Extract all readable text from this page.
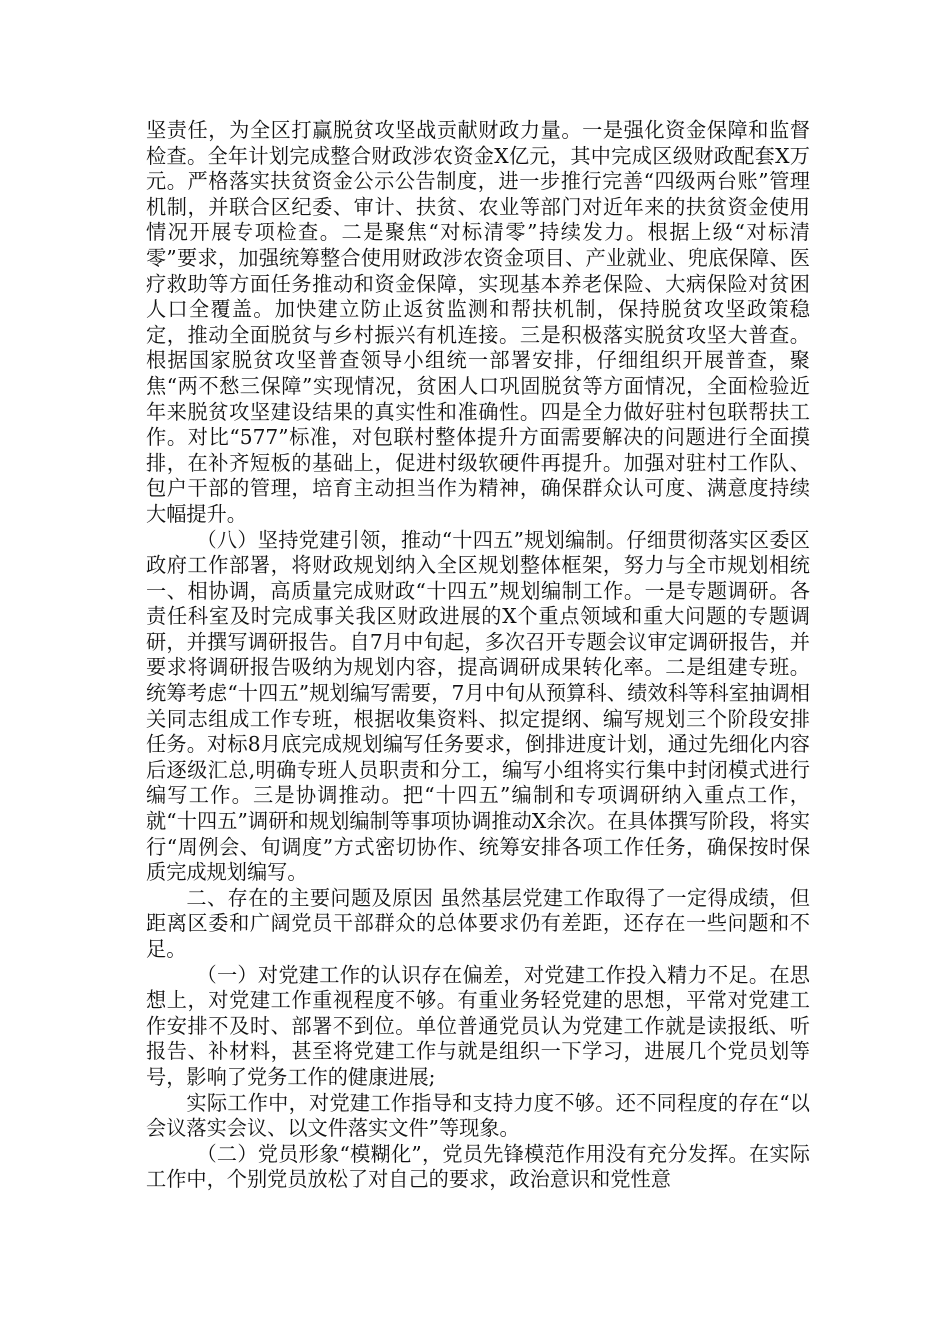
坚责任，为全区打赢脱贫攻坚战贡献财政力量。一是强化资金保障和监督检查。全年计划完成整合财政涉农资金X亿元，其中完成区级财政配套X万元。严格落实扶贫资金公示公告制度，进一步推行完善“四级两台账”管理机制，并联合区纪委、审计、扶贫、农业等部门对近年来的扶贫资金使用情况开展专项检查。二是聚焦“对标清零”持续发力。根据上级“对标清零”要求，加强统筹整合使用财政涉农资金项目、产业就业、兜底保障、医疗救助等方面任务推动和资金保障，实现基本养老保险、大病保险对贫困人口全覆盖。加快建立防止返贫监测和帮扶机制，保持脱贫攻坚政策稳定，推动全面脱贫与乡村振兴有机连接。三是积极落实脱贫攻坚大普查。根据国家脱贫攻坚普查领导小组统一部署安排，仔细组织开展普查，聚焦“两不愁三保障”实现情况，贫困人口巩固脱贫等方面情况，全面检验近年来脱贫攻坚建设结果的真实性和准确性。四是全力做好驻村包联帮扶工作。对比“577”标准，对包联村整体提升方面需要解决的问题进行全面摸排，在补齐短板的基础上，促进村级软硬件再提升。加强对驻村工作队、包户干部的管理，培育主动担当作为精神，确保群众认可度、满意度持续大幅提升。

（八）坚持党建引领，推动“十四五”规划编制。仔细贯彻落实区委区政府工作部署，将财政规划纳入全区规划整体框架，努力与全市规划相统一、相协调，高质量完成财政“十四五”规划编制工作。一是专题调研。各责任科室及时完成事关我区财政进展的X个重点领域和重大问题的专题调研，并撰写调研报告。自7月中旬起，多次召开专题会议审定调研报告，并要求将调研报告吸纳为规划内容，提高调研成果转化率。二是组建专班。统筹考虑“十四五”规划编写需要，7月中旬从预算科、绩效科等科室抽调相关同志组成工作专班，根据收集资料、拟定提纲、编写规划三个阶段安排任务。对标8月底完成规划编写任务要求，倒排进度计划，通过先细化内容后逐级汇总,明确专班人员职责和分工，编写小组将实行集中封闭模式进行编写工作。三是协调推动。把“十四五”编制和专项调研纳入重点工作，就“十四五”调研和规划编制等事项协调推动X余次。在具体撰写阶段，将实行“周例会、旬调度”方式密切协作、统筹安排各项工作任务，确保按时保质完成规划编写。

二、存在的主要问题及原因 虽然基层党建工作取得了一定得成绩，但距离区委和广阔党员干部群众的总体要求仍有差距，还存在一些问题和不足。

（一）对党建工作的认识存在偏差，对党建工作投入精力不足。在思想上，对党建工作重视程度不够。有重业务轻党建的思想，平常对党建工作安排不及时、部署不到位。单位普通党员认为党建工作就是读报纸、听报告、补材料，甚至将党建工作与就是组织一下学习，进展几个党员划等号，影响了党务工作的健康进展;

实际工作中，对党建工作指导和支持力度不够。还不同程度的存在“以会议落实会议、以文件落实文件”等现象。

（二）党员形象“模糊化”，党员先锋模范作用没有充分发挥。在实际工作中，个别党员放松了对自己的要求，政治意识和党性意
